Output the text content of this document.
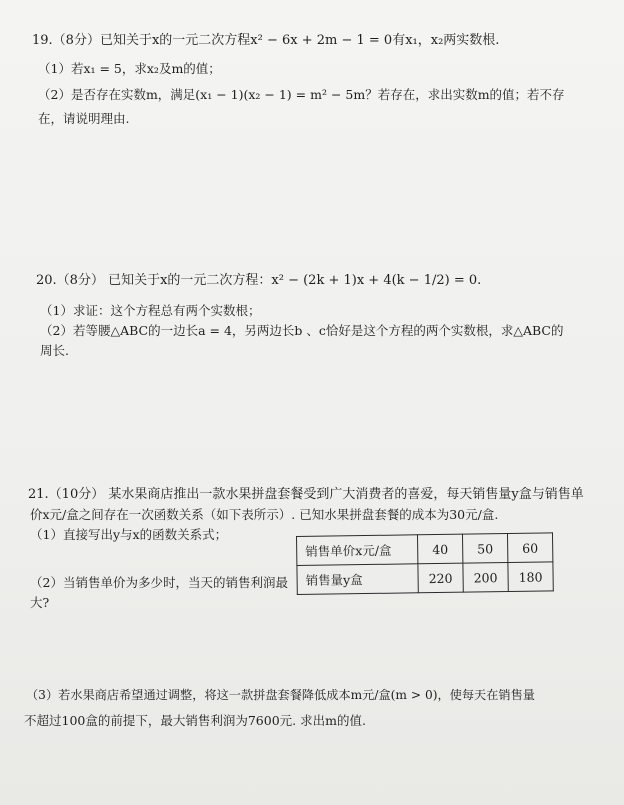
19.（8分）已知关于x的一元二次方程x² − 6x + 2m − 1 = 0有x₁，x₂两实数根.
（1）若x₁ = 5，求x₂及m的值；
（2）是否存在实数m，满足(x₁ − 1)(x₂ − 1) = m² − 5m？若存在，求出实数m的值；若不存
在，请说明理由.
20.（8分） 已知关于x的一元二次方程：x² − (2k + 1)x + 4(k − 1/2) = 0.
（1）求证：这个方程总有两个实数根；
（2）若等腰△ABC的一边长a = 4，另两边长b 、c恰好是这个方程的两个实数根，求△ABC的
周长.
21.（10分） 某水果商店推出一款水果拼盘套餐受到广大消费者的喜爱，每天销售量y盒与销售单
价x元/盒之间存在一次函数关系（如下表所示）. 已知水果拼盘套餐的成本为30元/盒.
（1）直接写出y与x的函数关系式；
销售单价x元/盒	40	50	60
销售量y盒	220	200	180
（2）当销售单价为多少时，当天的销售利润最
大?
（3）若水果商店希望通过调整，将这一款拼盘套餐降低成本m元/盒(m > 0)，使每天在销售量
不超过100盒的前提下，最大销售利润为7600元. 求出m的值.
